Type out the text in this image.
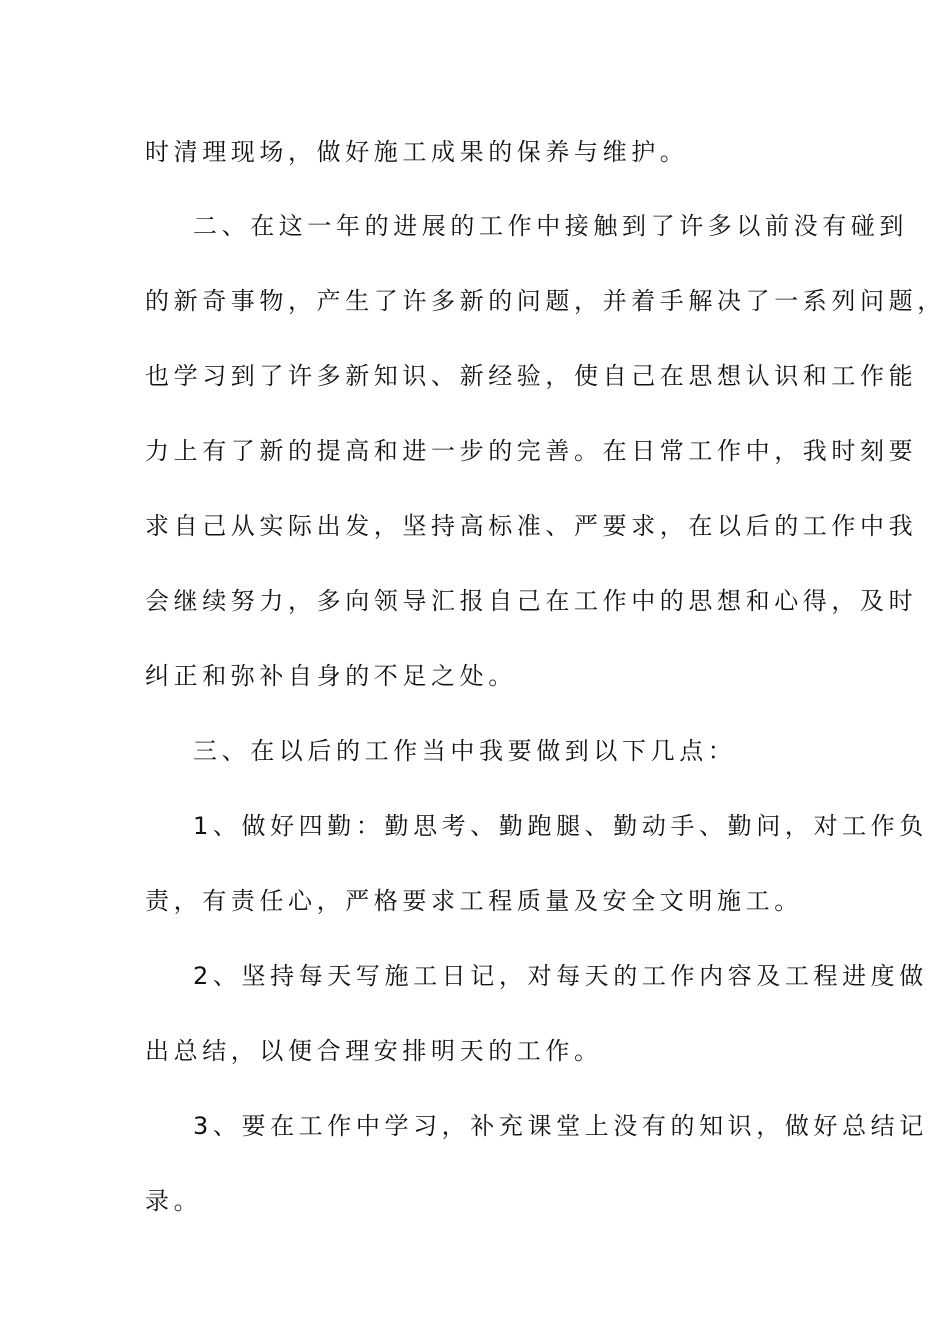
时清理现场，做好施工成果的保养与维护。
二、在这一年的进展的工作中接触到了许多以前没有碰到
的新奇事物，产生了许多新的问题，并着手解决了一系列问题，
也学习到了许多新知识、新经验，使自己在思想认识和工作能
力上有了新的提高和进一步的完善。在日常工作中，我时刻要
求自己从实际出发，坚持高标准、严要求，在以后的工作中我
会继续努力，多向领导汇报自己在工作中的思想和心得，及时
纠正和弥补自身的不足之处。
三、在以后的工作当中我要做到以下几点：
1、做好四勤：勤思考、勤跑腿、勤动手、勤问，对工作负
责，有责任心，严格要求工程质量及安全文明施工。
2、坚持每天写施工日记，对每天的工作内容及工程进度做
出总结，以便合理安排明天的工作。
3、要在工作中学习，补充课堂上没有的知识，做好总结记
录。
